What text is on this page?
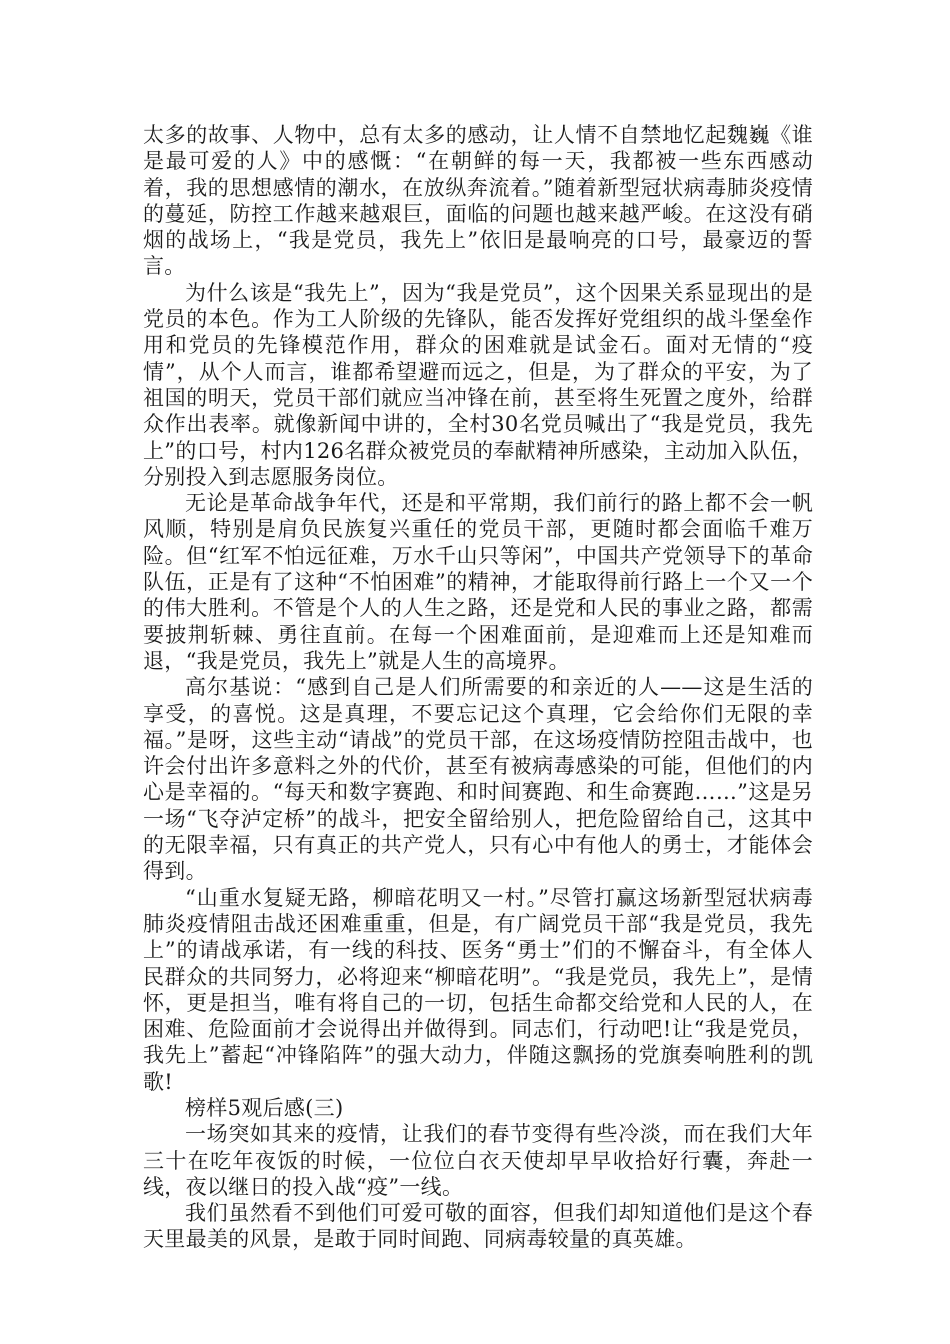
太多的故事、人物中，总有太多的感动，让人情不自禁地忆起魏巍《谁是最可爱的人》中的感慨：“在朝鲜的每一天，我都被一些东西感动着，我的思想感情的潮水，在放纵奔流着。”随着新型冠状病毒肺炎疫情的蔓延，防控工作越来越艰巨，面临的问题也越来越严峻。在这没有硝烟的战场上，“我是党员，我先上”依旧是最响亮的口号，最豪迈的誓言。

为什么该是“我先上”，因为“我是党员”，这个因果关系显现出的是党员的本色。作为工人阶级的先锋队，能否发挥好党组织的战斗堡垒作用和党员的先锋模范作用，群众的困难就是试金石。面对无情的“疫情”，从个人而言，谁都希望避而远之，但是，为了群众的平安，为了祖国的明天，党员干部们就应当冲锋在前，甚至将生死置之度外，给群众作出表率。就像新闻中讲的，全村30名党员喊出了“我是党员，我先上”的口号，村内126名群众被党员的奉献精神所感染，主动加入队伍，分别投入到志愿服务岗位。

无论是革命战争年代，还是和平常期，我们前行的路上都不会一帆风顺，特别是肩负民族复兴重任的党员干部，更随时都会面临千难万险。但“红军不怕远征难，万水千山只等闲”，中国共产党领导下的革命队伍，正是有了这种“不怕困难”的精神，才能取得前行路上一个又一个的伟大胜利。不管是个人的人生之路，还是党和人民的事业之路，都需要披荆斩棘、勇往直前。在每一个困难面前，是迎难而上还是知难而退，“我是党员，我先上”就是人生的高境界。

高尔基说：“感到自己是人们所需要的和亲近的人——这是生活的享受，的喜悦。这是真理，不要忘记这个真理，它会给你们无限的幸福。”是呀，这些主动“请战”的党员干部，在这场疫情防控阻击战中，也许会付出许多意料之外的代价，甚至有被病毒感染的可能，但他们的内心是幸福的。“每天和数字赛跑、和时间赛跑、和生命赛跑……”这是另一场“飞夺泸定桥”的战斗，把安全留给别人，把危险留给自己，这其中的无限幸福，只有真正的共产党人，只有心中有他人的勇士，才能体会得到。

“山重水复疑无路，柳暗花明又一村。”尽管打赢这场新型冠状病毒肺炎疫情阻击战还困难重重，但是，有广阔党员干部“我是党员，我先上”的请战承诺，有一线的科技、医务“勇士”们的不懈奋斗，有全体人民群众的共同努力，必将迎来“柳暗花明”。“我是党员，我先上”，是情怀，更是担当，唯有将自己的一切，包括生命都交给党和人民的人，在困难、危险面前才会说得出并做得到。同志们，行动吧!让“我是党员，我先上”蓄起“冲锋陷阵”的强大动力，伴随这飘扬的党旗奏响胜利的凯歌!

榜样5观后感(三)

一场突如其来的疫情，让我们的春节变得有些冷淡，而在我们大年三十在吃年夜饭的时候，一位位白衣天使却早早收拾好行囊，奔赴一线，夜以继日的投入战“疫”一线。

我们虽然看不到他们可爱可敬的面容，但我们却知道他们是这个春天里最美的风景，是敢于同时间跑、同病毒较量的真英雄。
